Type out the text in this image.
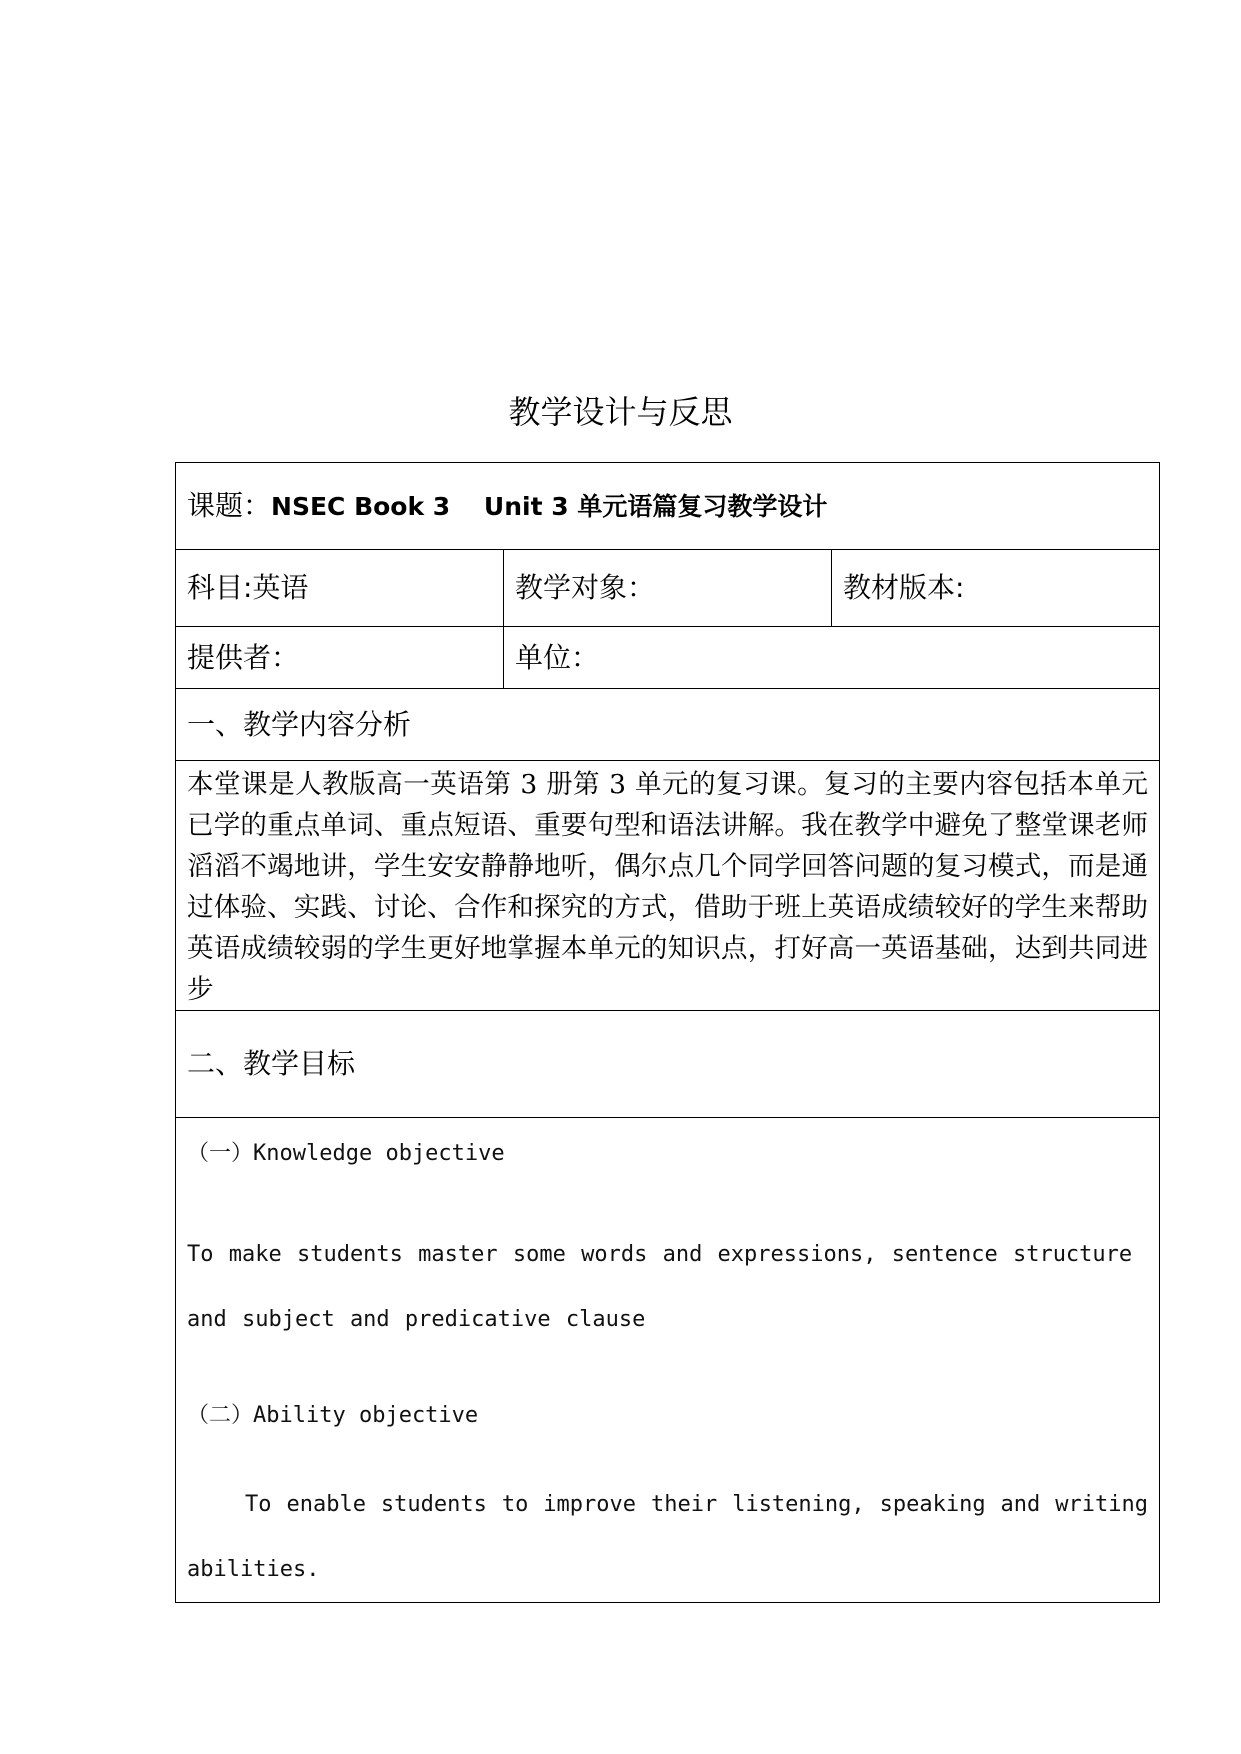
教学设计与反思
课题：NSEC Book 3　 Unit 3 单元语篇复习教学设计		
科目:英语	教学对象：	教材版本:
提供者：	单位：	
一、教学内容分析		

本堂课是人教版高一英语第 3 册第 3 单元的复习课。复习的主要内容包括本单元已学的重点单词、重点短语、重要句型和语法讲解。我在教学中避免了整堂课老师滔滔不竭地讲，学生安安静静地听，偶尔点几个同学回答问题的复习模式，而是通过体验、实践、讨论、合作和探究的方式，借助于班上英语成绩较好的学生来帮助英语成绩较弱的学生更好地掌握本单元的知识点，打好高一英语基础，达到共同进步		

二、教学目标		

（一）Knowledge objective
To make students master some words and expressions, sentence structure and subject and predicative clause
（二）Ability objective
To enable students to improve their listening, speaking and writing abilities.		
